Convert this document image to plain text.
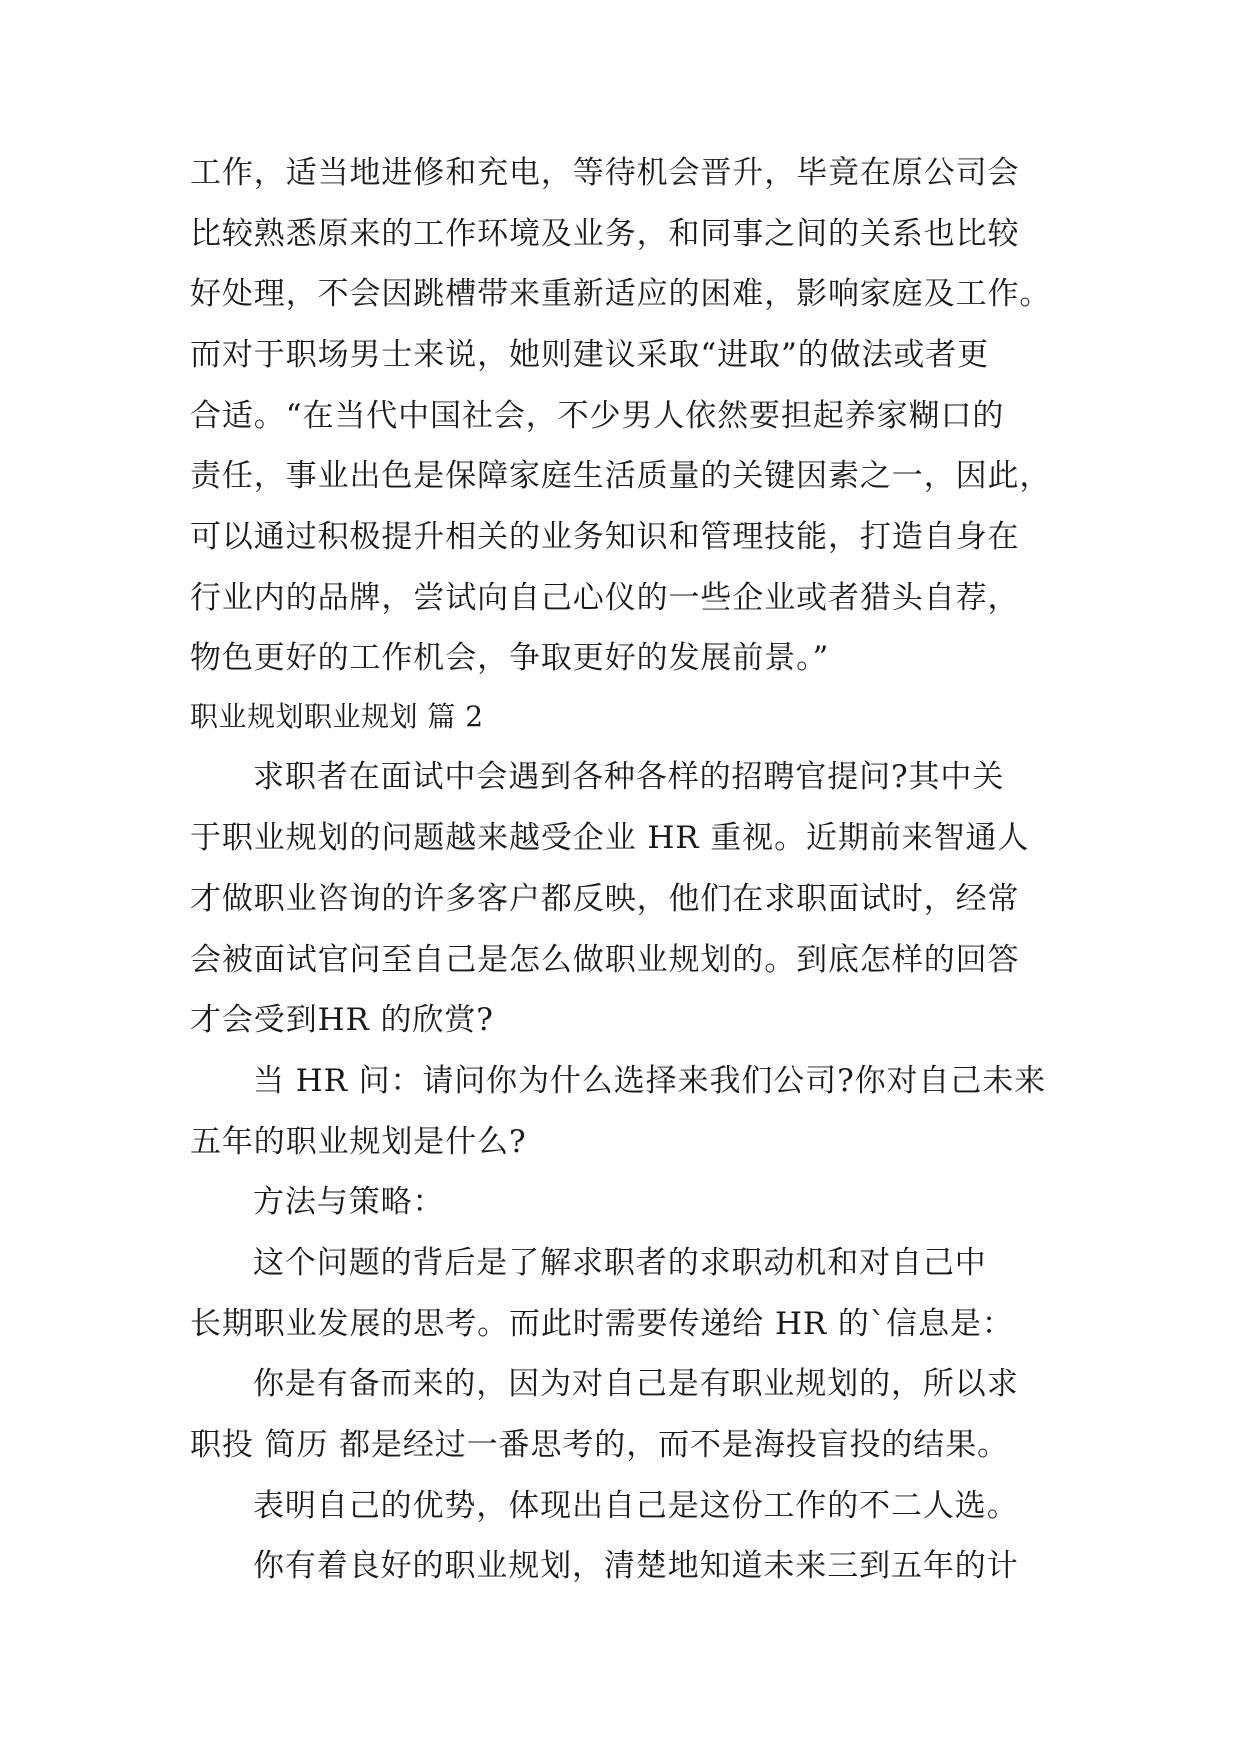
工作，适当地进修和充电，等待机会晋升，毕竟在原公司会
比较熟悉原来的工作环境及业务，和同事之间的关系也比较
好处理，不会因跳槽带来重新适应的困难，影响家庭及工作。
而对于职场男士来说，她则建议采取“进取”的做法或者更
合适。“在当代中国社会，不少男人依然要担起养家糊口的
责任，事业出色是保障家庭生活质量的关键因素之一，因此，
可以通过积极提升相关的业务知识和管理技能，打造自身在
行业内的品牌，尝试向自己心仪的一些企业或者猎头自荐，
物色更好的工作机会，争取更好的发展前景。”
职业规划职业规划 篇 2
求职者在面试中会遇到各种各样的招聘官提问?其中关
于职业规划的问题越来越受企业 HR 重视。近期前来智通人
才做职业咨询的许多客户都反映，他们在求职面试时，经常
会被面试官问至自己是怎么做职业规划的。到底怎样的回答
才会受到HR 的欣赏?
当 HR 问：请问你为什么选择来我们公司?你对自己未来
五年的职业规划是什么?
方法与策略：
这个问题的背后是了解求职者的求职动机和对自己中
长期职业发展的思考。而此时需要传递给 HR 的`信息是：
你是有备而来的，因为对自己是有职业规划的，所以求
职投 简历 都是经过一番思考的，而不是海投盲投的结果。
表明自己的优势，体现出自己是这份工作的不二人选。
你有着良好的职业规划，清楚地知道未来三到五年的计
